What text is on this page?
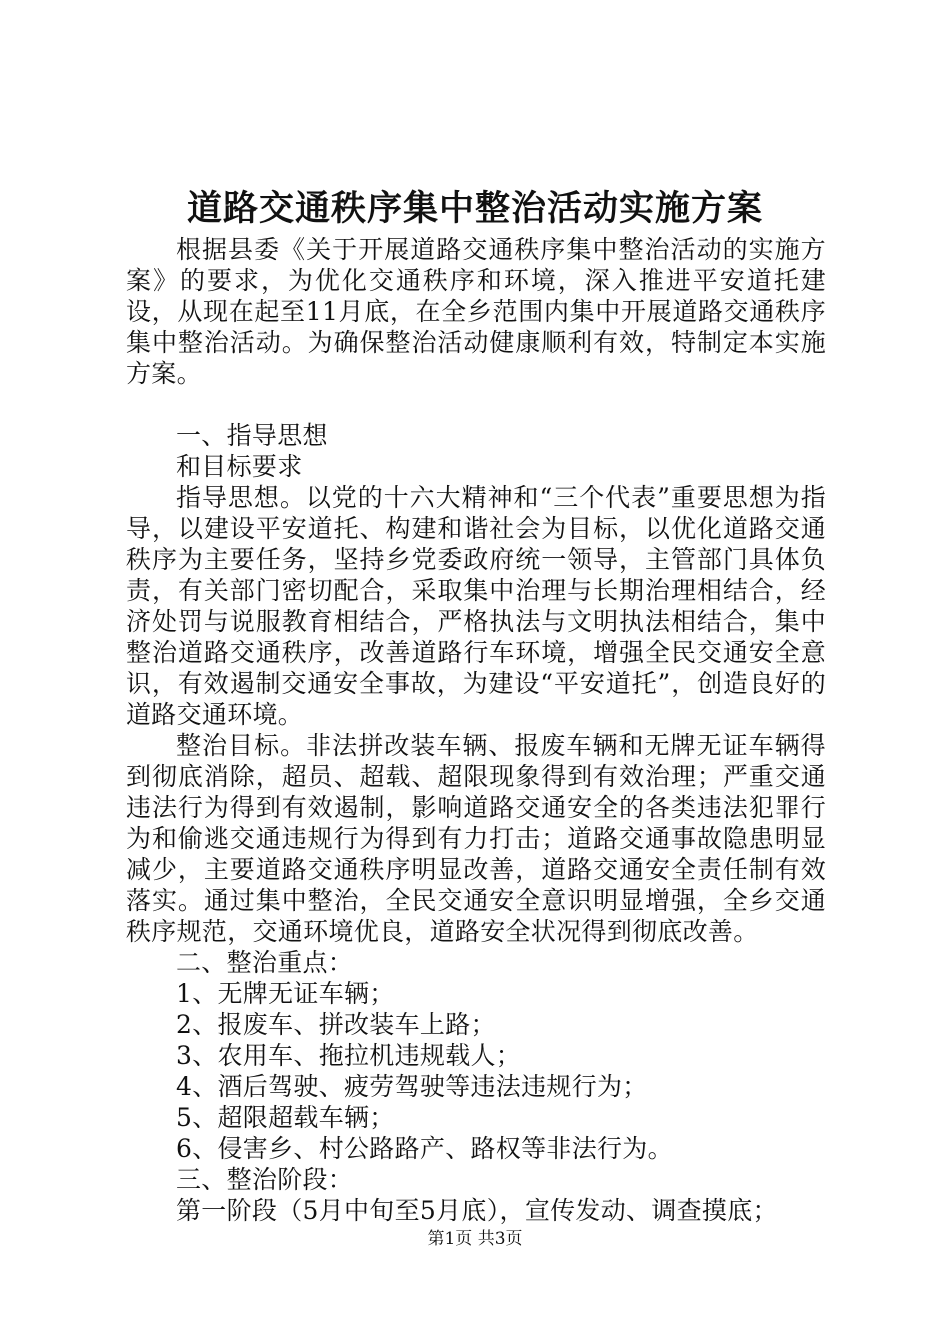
道路交通秩序集中整治活动实施方案

根据县委《关于开展道路交通秩序集中整治活动的实施方案》的要求，为优化交通秩序和环境，深入推进平安道托建设，从现在起至11月底，在全乡范围内集中开展道路交通秩序集中整治活动。为确保整治活动健康顺利有效，特制定本实施方案。

一、指导思想

和目标要求

指导思想。以党的十六大精神和“三个代表”重要思想为指导，以建设平安道托、构建和谐社会为目标，以优化道路交通秩序为主要任务，坚持乡党委政府统一领导，主管部门具体负责，有关部门密切配合，采取集中治理与长期治理相结合，经济处罚与说服教育相结合，严格执法与文明执法相结合，集中整治道路交通秩序，改善道路行车环境，增强全民交通安全意识，有效遏制交通安全事故，为建设“平安道托”，创造良好的道路交通环境。

整治目标。非法拼改装车辆、报废车辆和无牌无证车辆得到彻底消除，超员、超载、超限现象得到有效治理；严重交通违法行为得到有效遏制，影响道路交通安全的各类违法犯罪行为和偷逃交通违规行为得到有力打击；道路交通事故隐患明显减少，主要道路交通秩序明显改善，道路交通安全责任制有效落实。通过集中整治，全民交通安全意识明显增强，全乡交通秩序规范，交通环境优良，道路安全状况得到彻底改善。

二、整治重点：

1、无牌无证车辆；

2、报废车、拼改装车上路；

3、农用车、拖拉机违规载人；

4、酒后驾驶、疲劳驾驶等违法违规行为；

5、超限超载车辆；

6、侵害乡、村公路路产、路权等非法行为。

三、整治阶段：

第一阶段（5月中旬至5月底），宣传发动、调查摸底；

第1页 共3页
